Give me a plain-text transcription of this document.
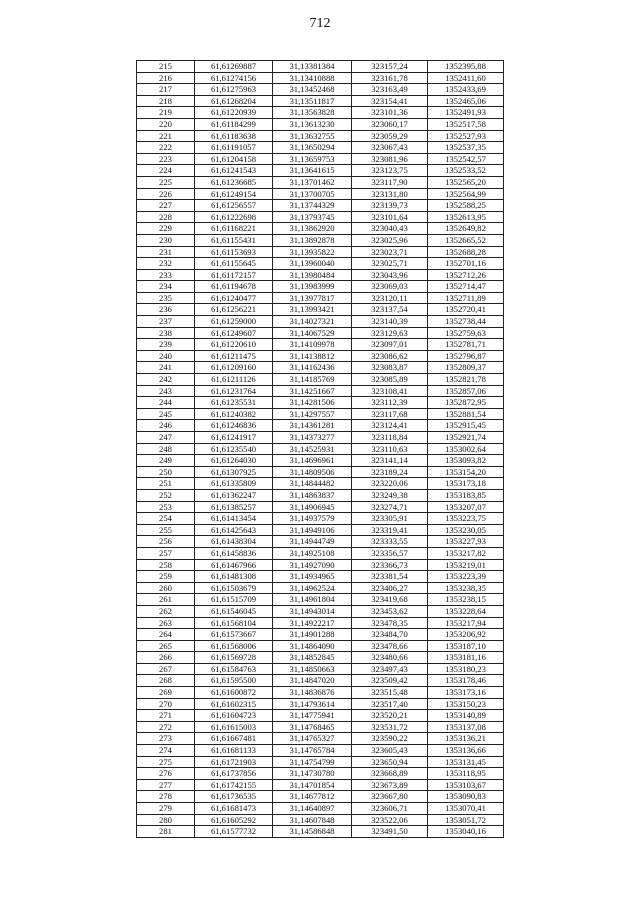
712
215	61,61269887	31,13381384	323157,24	1352395,88
216	61,61274156	31,13410888	323161,78	1352411,60
217	61,61275963	31,13452468	323163,49	1352433,69
218	61,61268204	31,13511817	323154,41	1352465,06
219	61,61220939	31,13563828	323101,36	1352491,93
220	61,61184299	31,13613230	323060,17	1352517,58
221	61,61183638	31,13632755	323059,29	1352527,93
222	61,61191057	31,13650294	323067,43	1352537,35
223	61,61204158	31,13659753	323081,96	1352542,57
224	61,61241543	31,13641615	323123,75	1352533,52
225	61,61236685	31,13701462	323117,90	1352565,20
226	61,61249154	31,13700705	323131,80	1352564,99
227	61,61256557	31,13744329	323139,73	1352588,25
228	61,61222698	31,13793745	323101,64	1352613,95
229	61,61168221	31,13862920	323040,43	1352649,82
230	61,61155431	31,13892878	323025,96	1352665,52
231	61,61153693	31,13935822	323023,71	1352688,28
232	61,61155645	31,13960040	323025,71	1352701,16
233	61,61172157	31,13980484	323043,96	1352712,26
234	61,61194678	31,13983999	323069,03	1352714,47
235	61,61240477	31,13977817	323120,11	1352711,89
236	61,61256221	31,13993421	323137,54	1352720,41
237	61,61259000	31,14027321	323140,39	1352738,44
238	61,61249607	31,14067529	323129,63	1352759,63
239	61,61220610	31,14109978	323097,01	1352781,71
240	61,61211475	31,14138812	323086,62	1352796,87
241	61,61209160	31,14162436	323083,87	1352809,37
242	61,61211126	31,14185769	323085,89	1352821,78
243	61,61231764	31,14251667	323108,41	1352857,06
244	61,61235531	31,14281506	323112,39	1352872,95
245	61,61240382	31,14297557	323117,68	1352881,54
246	61,61246836	31,14361281	323124,41	1352915,45
247	61,61241917	31,14373277	323118,84	1352921,74
248	61,61235540	31,14525931	323110,63	1353002,64
249	61,61264030	31,14696961	323141,14	1353093,82
250	61,61307925	31,14809506	323189,24	1353154,20
251	61,61335809	31,14844482	323220,06	1353173,18
252	61,61362247	31,14863837	323249,38	1353183,85
253	61,61385257	31,14906945	323274,71	1353207,07
254	61,61413454	31,14937579	323305,91	1353223,75
255	61,61425643	31,14949106	323319,41	1353230,05
256	61,61438304	31,14944749	323333,55	1353227,93
257	61,61458836	31,14925108	323356,57	1353217,82
258	61,61467966	31,14927090	323366,73	1353219,01
259	61,61481308	31,14934965	323381,54	1353223,39
260	61,61503679	31,14962524	323406,27	1353238,35
261	61,61515709	31,14961804	323419,68	1353238,15
262	61,61546045	31,14943014	323453,62	1353228,64
263	61,61568104	31,14922217	323478,35	1353217,94
264	61,61573667	31,14901288	323484,70	1353206,92
265	61,61568006	31,14864090	323478,66	1353187,10
266	61,61569728	31,14852845	323480,66	1353181,16
267	61,61584763	31,14850663	323497,43	1353180,23
268	61,61595500	31,14847020	323509,42	1353178,46
269	61,61600872	31,14836876	323515,48	1353173,16
270	61,61602315	31,14793614	323517,40	1353150,23
271	61,61604723	31,14775941	323520,21	1353140,89
272	61,61615003	31,14768465	323531,72	1353137,08
273	61,61667481	31,14765327	323590,22	1353136,21
274	61,61681133	31,14765784	323605,43	1353136,66
275	61,61721903	31,14754799	323650,94	1353131,45
276	61,61737856	31,14730780	323668,89	1353118,95
277	61,61742155	31,14701854	323673,89	1353103,67
278	61,61736535	31,14677812	323667,80	1353090,83
279	61,61681473	31,14640897	323606,71	1353070,41
280	61,61605292	31,14607848	323522,06	1353051,72
281	61,61577732	31,14586848	323491,50	1353040,16
